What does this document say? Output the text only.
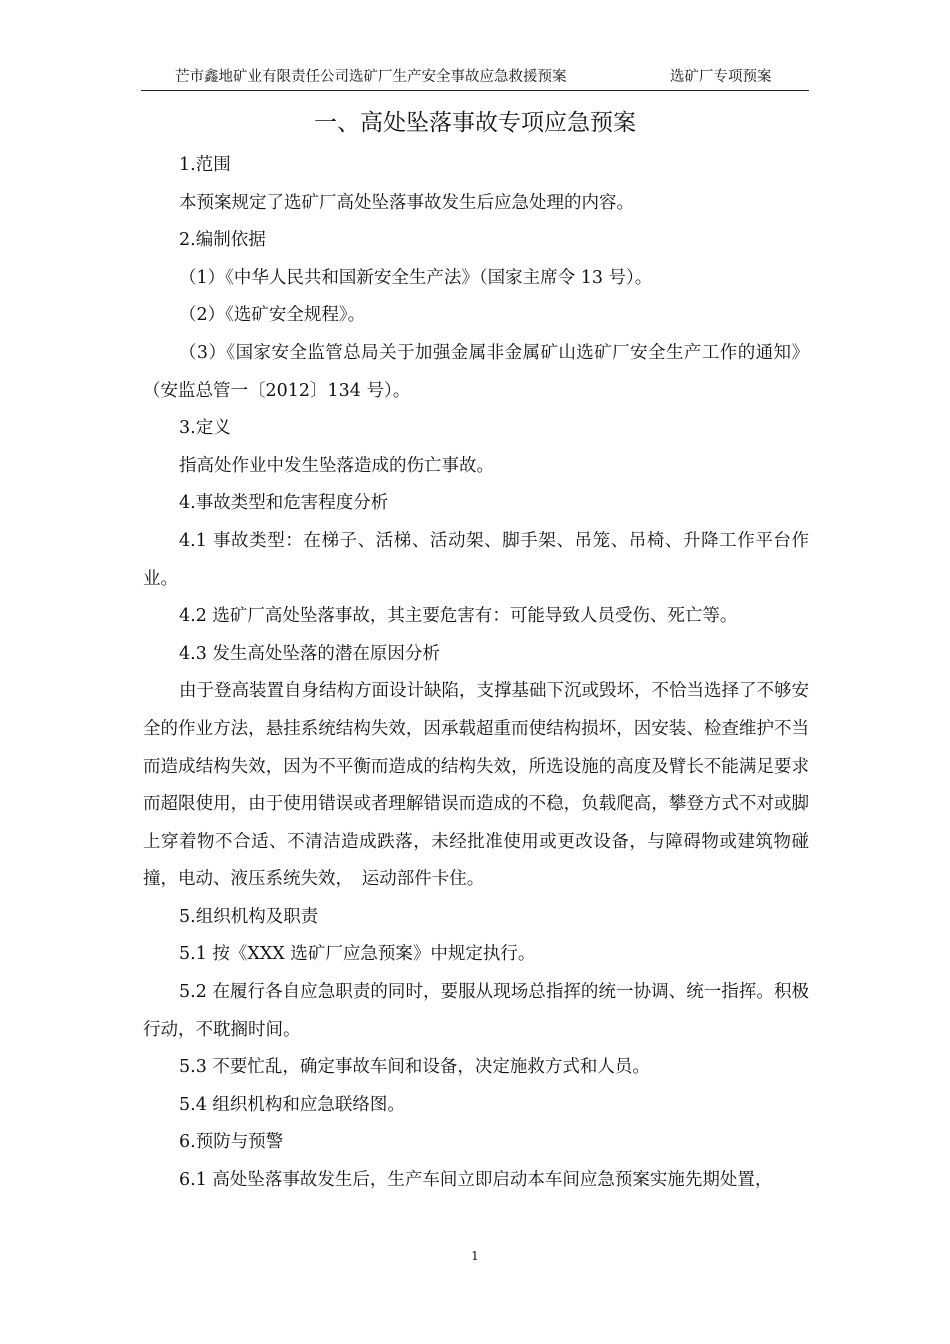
芒市鑫地矿业有限责任公司选矿厂生产安全事故应急救援预案	选矿厂专项预案
一、高处坠落事故专项应急预案

1.范围

本预案规定了选矿厂高处坠落事故发生后应急处理的内容。

2.编制依据

（1）《中华人民共和国新安全生产法》（国家主席令 13 号）。

（2）《选矿安全规程》。

（3）《国家安全监管总局关于加强金属非金属矿山选矿厂安全生产工作的通知》（安监总管一〔2012〕134 号）。

3.定义

指高处作业中发生坠落造成的伤亡事故。

4.事故类型和危害程度分析

4.1 事故类型：在梯子、活梯、活动架、脚手架、吊笼、吊椅、升降工作平台作业。

4.2 选矿厂高处坠落事故，其主要危害有：可能导致人员受伤、死亡等。

4.3 发生高处坠落的潜在原因分析

由于登高装置自身结构方面设计缺陷，支撑基础下沉或毁坏，不恰当选择了不够安全的作业方法，悬挂系统结构失效，因承载超重而使结构损坏，因安装、检查维护不当而造成结构失效，因为不平衡而造成的结构失效，所选设施的高度及臂长不能满足要求而超限使用，由于使用错误或者理解错误而造成的不稳，负载爬高，攀登方式不对或脚上穿着物不合适、不清洁造成跌落，未经批准使用或更改设备，与障碍物或建筑物碰撞，电动、液压系统失效，　运动部件卡住。

5.组织机构及职责

5.1 按《XXX 选矿厂应急预案》中规定执行。

5.2 在履行各自应急职责的同时，要服从现场总指挥的统一协调、统一指挥。积极行动，不耽搁时间。

5.3 不要忙乱，确定事故车间和设备，决定施救方式和人员。

5.4 组织机构和应急联络图。

6.预防与预警

6.1 高处坠落事故发生后，生产车间立即启动本车间应急预案实施先期处置，

1
